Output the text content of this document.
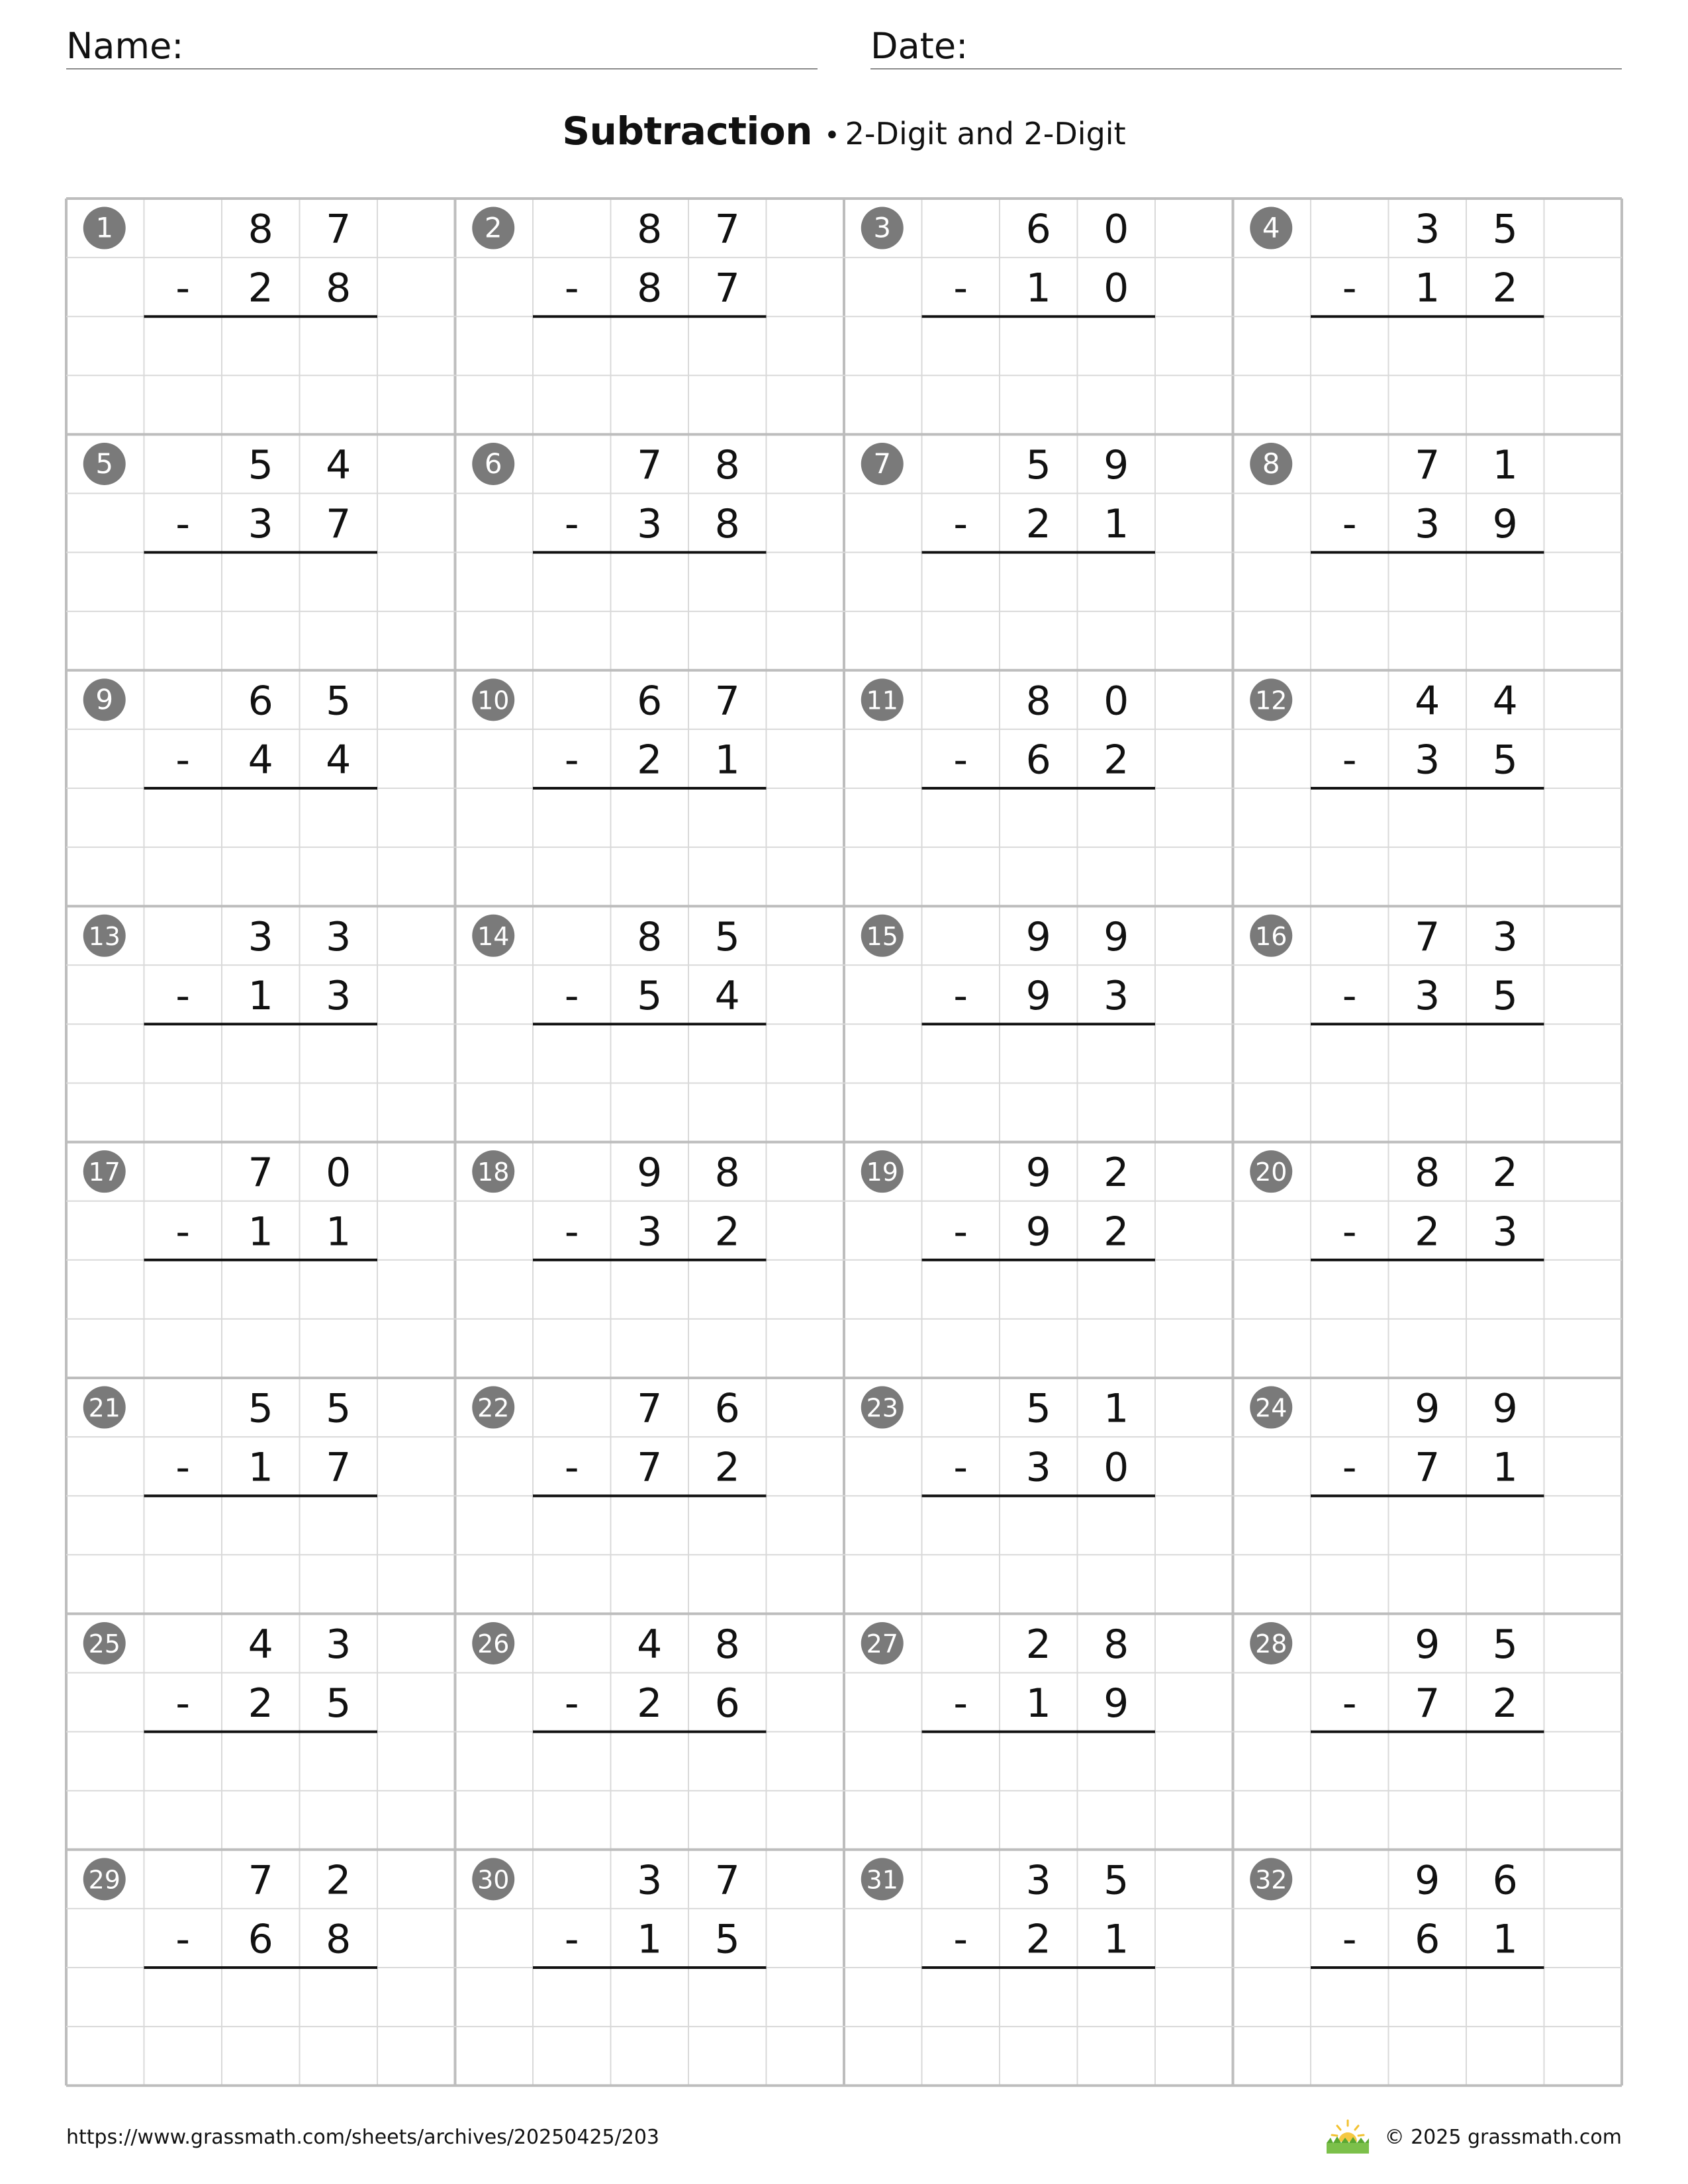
Name:	Date:
Subtraction • 2-Digit and 2-Digit
1	8 7
- 2 8
2	8 7
- 8 7
3	6 0
- 1 0
4	3 5
- 1 2
5	5 4
- 3 7
6	7 8
- 3 8
7	5 9
- 2 1
8	7 1
- 3 9
9	6 5
- 4 4
10	6 7
- 2 1
11	8 0
- 6 2
12	4 4
- 3 5
13	3 3
- 1 3
14	8 5
- 5 4
15	9 9
- 9 3
16	7 3
- 3 5
17	7 0
- 1 1
18	9 8
- 3 2
19	9 2
- 9 2
20	8 2
- 2 3
21	5 5
- 1 7
22	7 6
- 7 2
23	5 1
- 3 0
24	9 9
- 7 1
25	4 3
- 2 5
26	4 8
- 2 6
27	2 8
- 1 9
28	9 5
- 7 2
29	7 2
- 6 8
30	3 7
- 1 5
31	3 5
- 2 1
32	9 6
- 6 1
https://www.grassmath.com/sheets/archives/20250425/203	© 2025 grassmath.com
